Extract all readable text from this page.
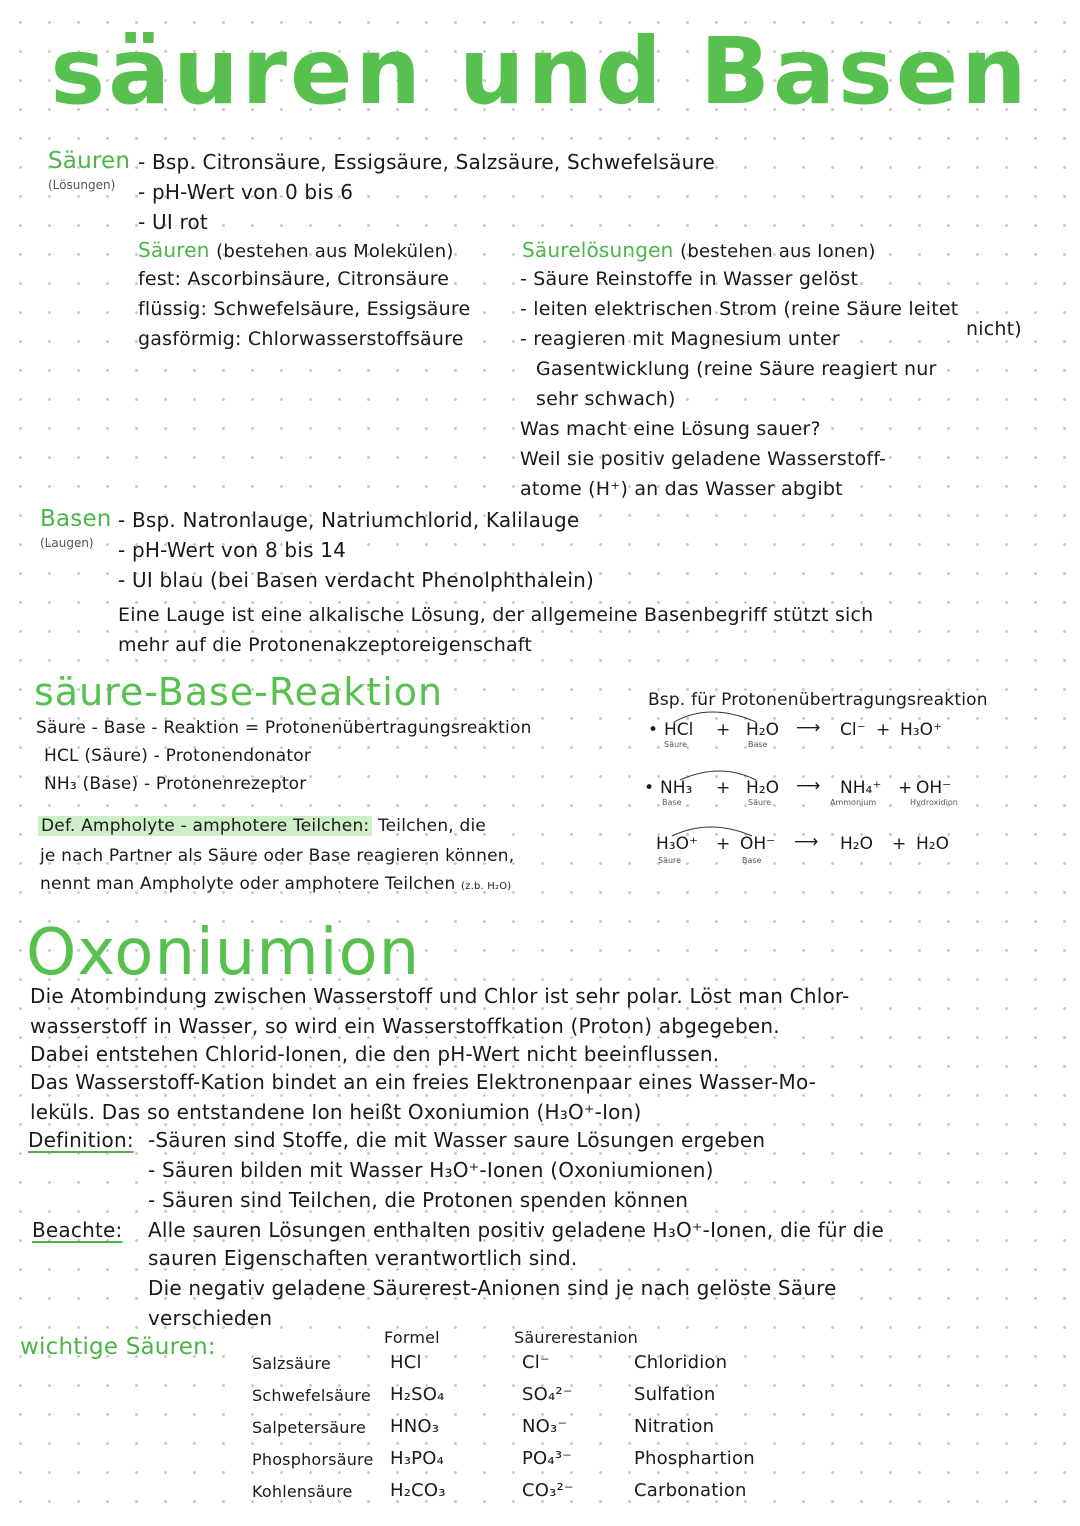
säuren und Basen
Säuren
(Lösungen)
- Bsp. Citronsäure, Essigsäure, Salzsäure, Schwefelsäure
- pH-Wert von 0 bis 6
- UI rot
Säuren (bestehen aus Molekülen)
fest: Ascorbinsäure, Citronsäure
flüssig: Schwefelsäure, Essigsäure
gasförmig: Chlorwasserstoffsäure
Säurelösungen (bestehen aus Ionen)
- Säure Reinstoffe in Wasser gelöst
- leiten elektrischen Strom (reine Säure leitet
nicht)
- reagieren mit Magnesium unter
Gasentwicklung (reine Säure reagiert nur
sehr schwach)
Was macht eine Lösung sauer?
Weil sie positiv geladene Wasserstoff-
atome (H⁺) an das Wasser abgibt
Basen
(Laugen)
- Bsp. Natronlauge, Natriumchlorid, Kalilauge
- pH-Wert von 8 bis 14
- UI blau (bei Basen verdacht Phenolphthalein)
Eine Lauge ist eine alkalische Lösung, der allgemeine Basenbegriff stützt sich
mehr auf die Protonenakzeptoreigenschaft
säure-Base-Reaktion
Säure - Base - Reaktion = Protonenübertragungsreaktion
HCL (Säure) - Protonendonator
NH₃ (Base) - Protonenrezeptor
Def. Ampholyte - amphotere Teilchen: Teilchen, die
je nach Partner als Säure oder Base reagieren können,
nennt man Ampholyte oder amphotere Teilchen (z.b. H₂O)
Bsp. für Protonenübertragungsreaktion
• HCl
Säure
+ H₂O
Base
⟶ Cl⁻ + H₃O⁺
• NH₃
Base
+ H₂O
Säure
⟶ NH₄⁺
Ammonium
+ OH⁻
Hydroxidion
H₃O⁺
Säure
+ OH⁻
Base
⟶ H₂O + H₂O
Oxoniumion
Die Atombindung zwischen Wasserstoff und Chlor ist sehr polar. Löst man Chlor-
wasserstoff in Wasser, so wird ein Wasserstoffkation (Proton) abgegeben.
Dabei entstehen Chlorid-Ionen, die den pH-Wert nicht beeinflussen.
Das Wasserstoff-Kation bindet an ein freies Elektronenpaar eines Wasser-Mo-
leküls. Das so entstandene Ion heißt Oxoniumion (H₃O⁺-Ion)
Definition: -Säuren sind Stoffe, die mit Wasser saure Lösungen ergeben
- Säuren bilden mit Wasser H₃O⁺-Ionen (Oxoniumionen)
- Säuren sind Teilchen, die Protonen spenden können
Beachte: Alle sauren Lösungen enthalten positiv geladene H₃O⁺-Ionen, die für die
sauren Eigenschaften verantwortlich sind.
Die negativ geladene Säurerest-Anionen sind je nach gelöste Säure
verschieden
wichtige Säuren:	Formel	Säurerestanion
Salzsäure	HCl	Cl⁻	Chloridion
Schwefelsäure H₂SO₄	SO₄²⁻	Sulfation
Salpetersäure HNO₃	NO₃⁻	Nitration
Phosphorsäure H₃PO₄	PO₄³⁻	Phosphartion
Kohlensäure H₂CO₃	CO₃²⁻	Carbonation
